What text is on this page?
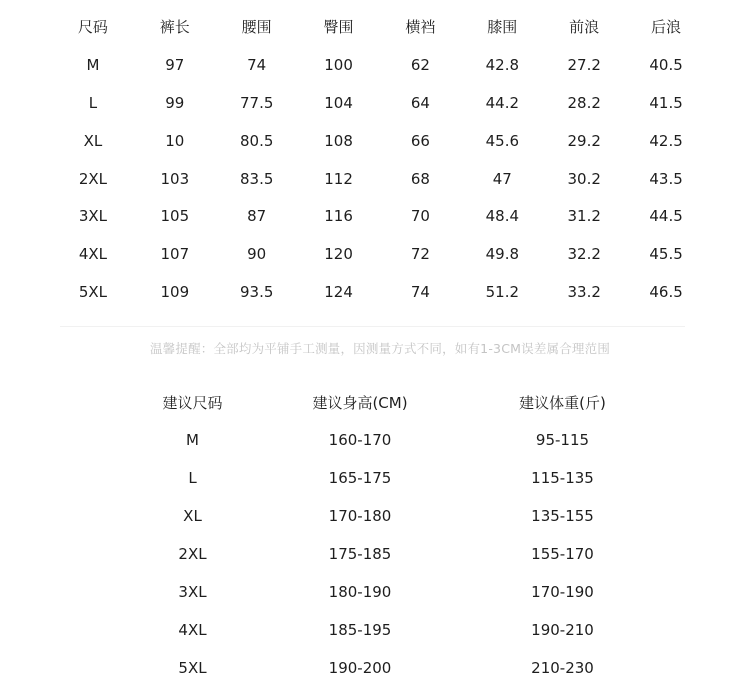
尺码	裤长	腰围	臀围	横裆	膝围	前浪	后浪
M	97	74	100	62	42.8	27.2	40.5
L	99	77.5	104	64	44.2	28.2	41.5
XL	10	80.5	108	66	45.6	29.2	42.5
2XL	103	83.5	112	68	47	30.2	43.5
3XL	105	87	116	70	48.4	31.2	44.5
4XL	107	90	120	72	49.8	32.2	45.5
5XL	109	93.5	124	74	51.2	33.2	46.5
温馨提醒：全部均为平铺手工测量，因测量方式不同，如有1-3CM误差属合理范围
建议尺码	建议身高(CM)	建议体重(斤)
M	160-170	95-115
L	165-175	115-135
XL	170-180	135-155
2XL	175-185	155-170
3XL	180-190	170-190
4XL	185-195	190-210
5XL	190-200	210-230
